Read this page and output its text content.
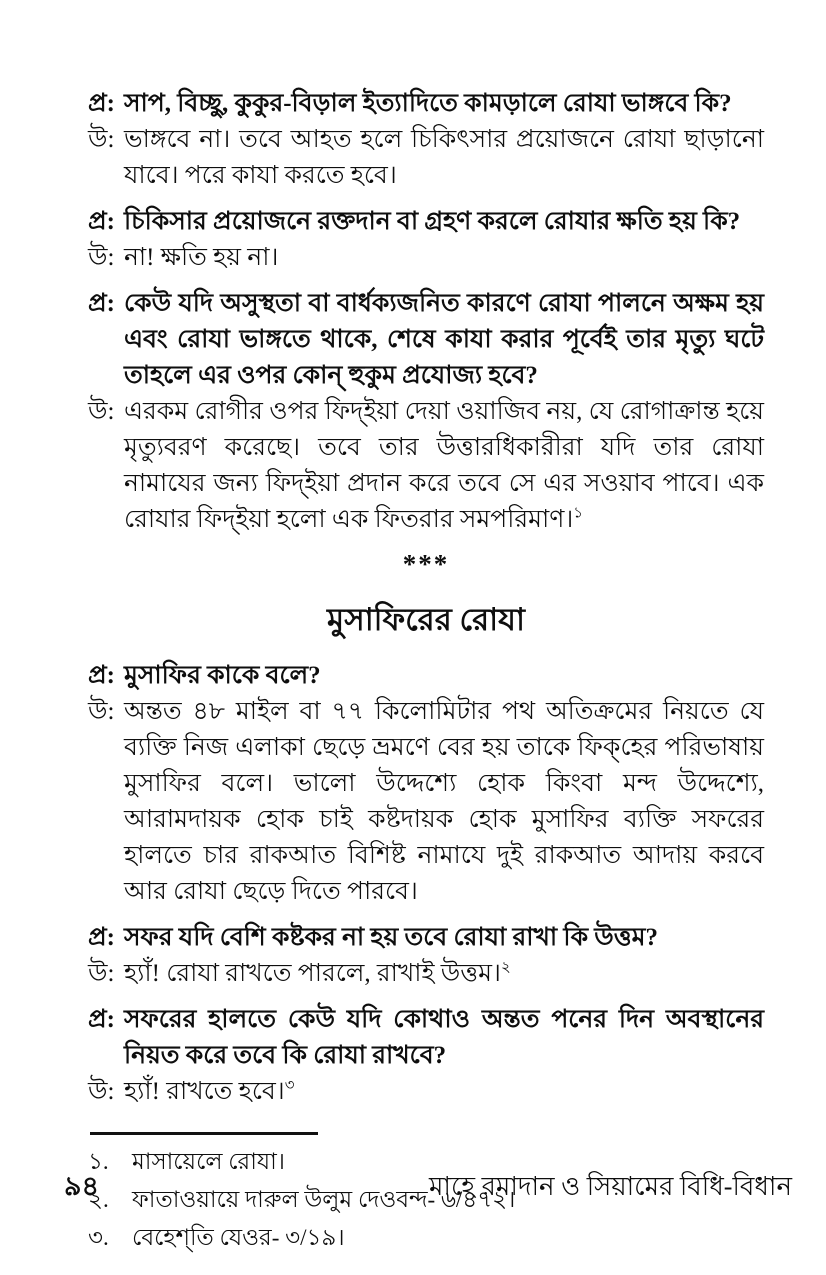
প্র: সাপ, বিচ্ছু, কুকুর-বিড়াল ইত্যাদিতে কামড়ালে রোযা ভাঙ্গবে কি?

উ: ভাঙ্গবে না। তবে আহত হলে চিকিৎসার প্রয়োজনে রোযা ছাড়ানো যাবে। পরে কাযা করতে হবে।

প্র: চিকিসার প্রয়োজনে রক্তদান বা গ্রহণ করলে রোযার ক্ষতি হয় কি?

উ: না! ক্ষতি হয় না।

প্র: কেউ যদি অসুস্থতা বা বার্ধক্যজনিত কারণে রোযা পালনে অক্ষম হয় এবং রোযা ভাঙ্গতে থাকে, শেষে কাযা করার পূর্বেই তার মৃত্যু ঘটে তাহলে এর ওপর কোন্‌ হুকুম প্রযোজ্য হবে?

উ: এরকম রোগীর ওপর ফিদ্‌ইয়া দেয়া ওয়াজিব নয়, যে রোগাক্রান্ত হয়ে মৃত্যুবরণ করেছে। তবে তার উত্তারধিকারীরা যদি তার রোযা নামাযের জন্য ফিদ্‌ইয়া প্রদান করে তবে সে এর সওয়াব পাবে। এক রোযার ফিদ্‌ইয়া হলো এক ফিতরার সমপরিমাণ।$^১$

***
মুসাফিরের রোযা
প্র: মুসাফির কাকে বলে?

উ: অন্তত ৪৮ মাইল বা ৭৭ কিলোমিটার পথ অতিক্রমের নিয়তে যে ব্যক্তি নিজ এলাকা ছেড়ে ভ্রমণে বের হয় তাকে ফিক্‌হের পরিভাষায় মুসাফির বলে। ভালো উদ্দেশ্যে হোক কিংবা মন্দ উদ্দেশ্যে, আরামদায়ক হোক চাই কষ্টদায়ক হোক মুসাফির ব্যক্তি সফরের হালতে চার রাকআত বিশিষ্ট নামাযে দুই রাকআত আদায় করবে আর রোযা ছেড়ে দিতে পারবে।

প্র: সফর যদি বেশি কষ্টকর না হয় তবে রোযা রাখা কি উত্তম?

উ: হ্যাঁ! রোযা রাখতে পারলে, রাখাই উত্তম।$^২$

প্র: সফরের হালতে কেউ যদি কোথাও অন্তত পনের দিন অবস্থানের নিয়ত করে তবে কি রোযা রাখবে?

উ: হ্যাঁ! রাখতে হবে।$^৩$

১.	মাসায়েলে রোযা।
২.	ফাতাওয়ায়ে দারুল উলুম দেওবন্দ- ৬/৪৭২।
৩.	বেহেশ্‌তি যেওর- ৩/১৯।
৯৪	মাহে রমাদান ও সিয়ামের বিধি-বিধান
